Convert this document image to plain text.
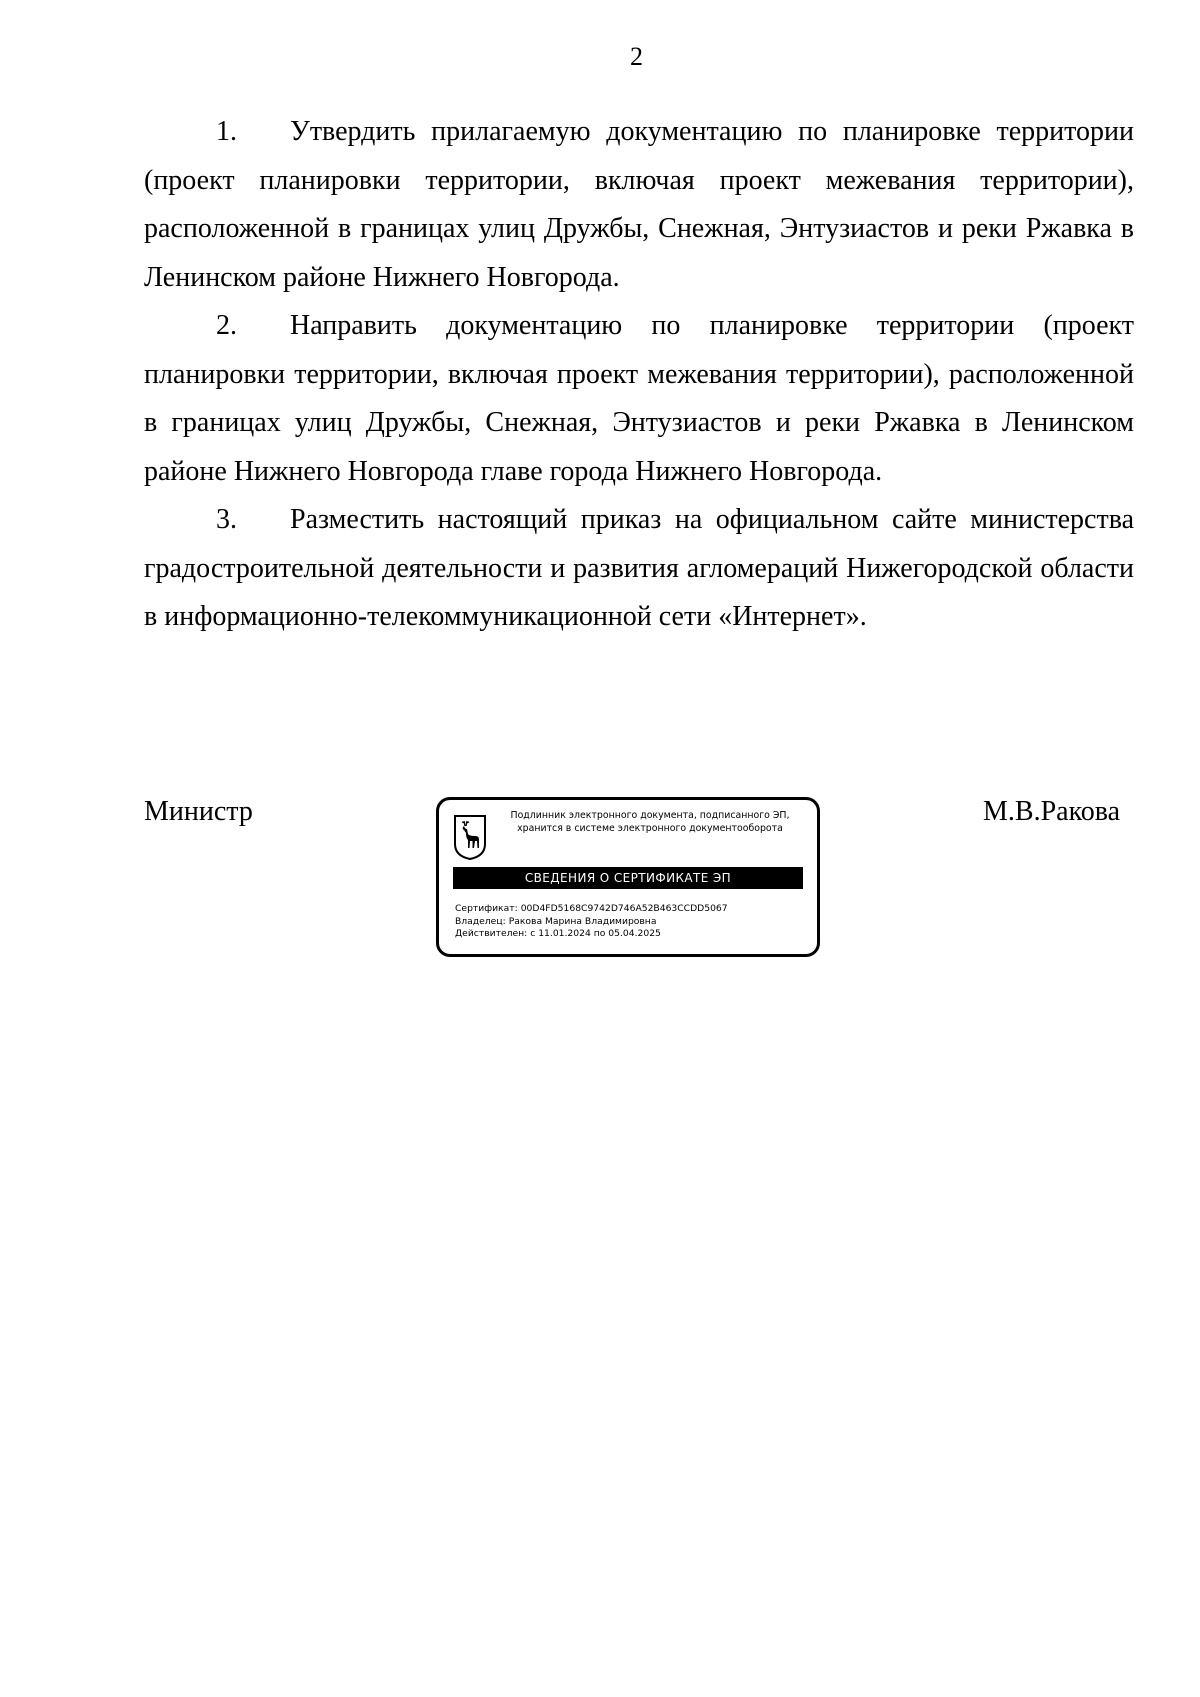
2

1. Утвердить прилагаемую документацию по планировке территории (проект планировки территории, включая проект межевания территории), расположенной в границах улиц Дружбы, Снежная, Энтузиастов и реки Ржавка в Ленинском районе Нижнего Новгорода.

2. Направить документацию по планировке территории (проект планировки территории, включая проект межевания территории), расположенной в границах улиц Дружбы, Снежная, Энтузиастов и реки Ржавка в Ленинском районе Нижнего Новгорода главе города Нижнего Новгорода.

3. Разместить настоящий приказ на официальном сайте министерства градостроительной деятельности и развития агломераций Нижегородской области в информационно-телекоммуникационной сети «Интернет».

Министр	М.В.Ракова
Подлинник электронного документа, подписанного ЭП,
хранится в системе электронного документооборота
СВЕДЕНИЯ О СЕРТИФИКАТЕ ЭП
Сертификат: 00D4FD5168C9742D746A52B463CCDD5067
Владелец: Ракова Марина Владимировна
Действителен: с 11.01.2024 по 05.04.2025
